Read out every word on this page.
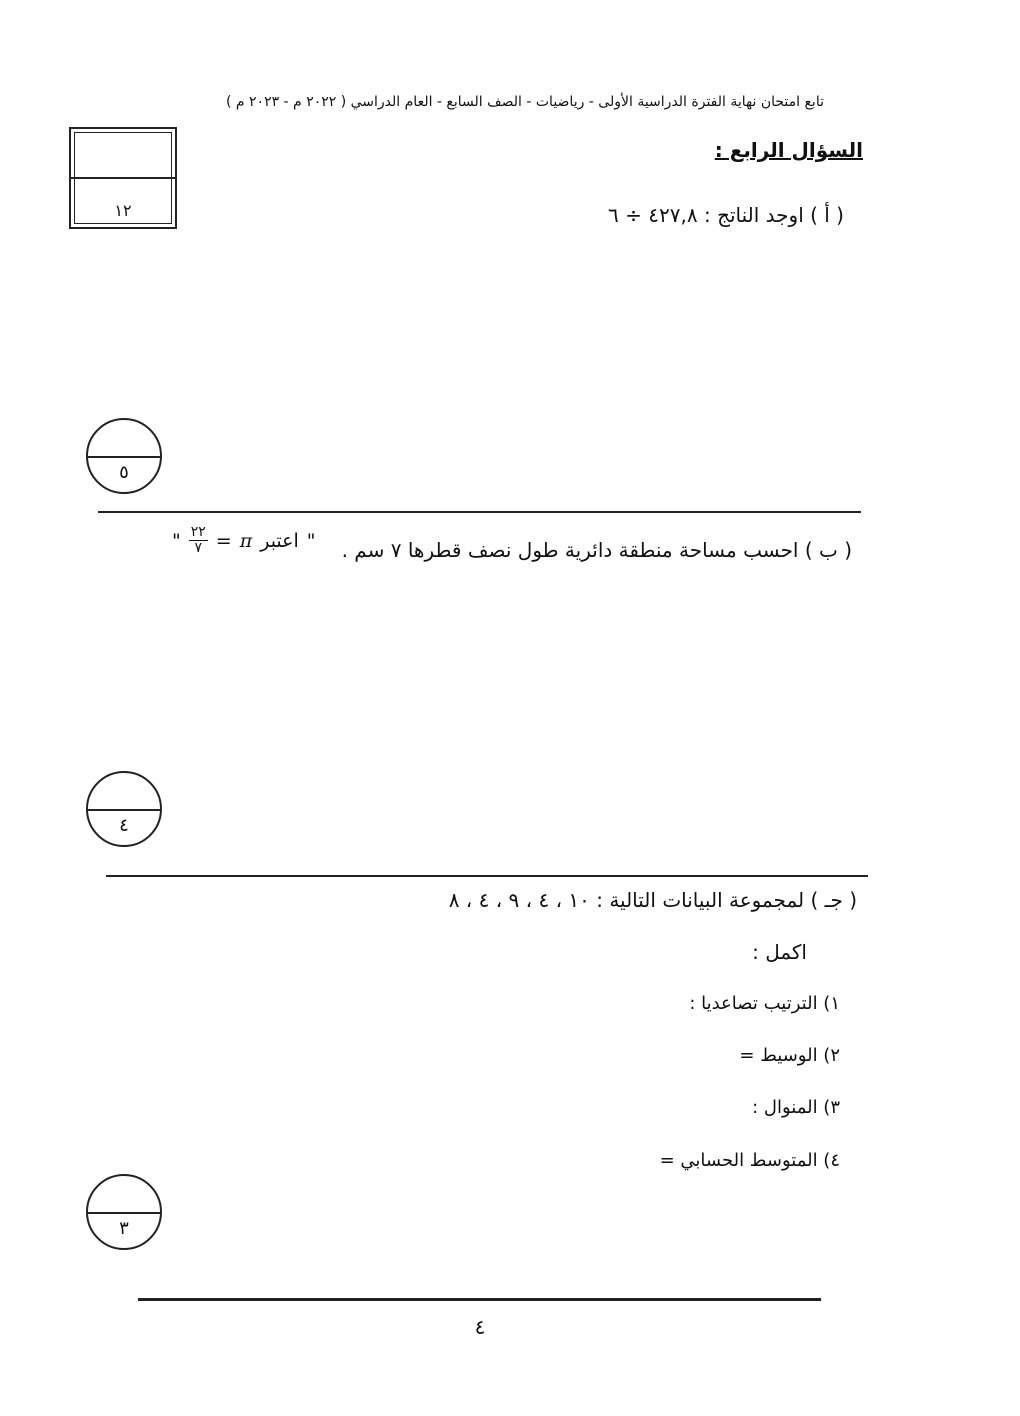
تابع امتحان نهاية الفترة الدراسية الأولى - رياضيات - الصف السابع - العام الدراسي ( ٢٠٢٢ م - ٢٠٢٣ م )
١٢
السؤال الرابع :
( أ ) اوجد الناتج : ٤٢٧,٨ ÷ ٦
٥
( ب ) احسب مساحة منطقة دائرية طول نصف قطرها ٧ سم .
" $\frac{٢٢}{٧} = \pi$ اعتبر "
٤
( جـ ) لمجموعة البيانات التالية : ١٠ ، ٤ ، ٩ ، ٤ ، ٨
اكمل :
١) الترتيب تصاعديا :
٢) الوسيط =
٣) المنوال :
٤) المتوسط الحسابي =
٣
٤
